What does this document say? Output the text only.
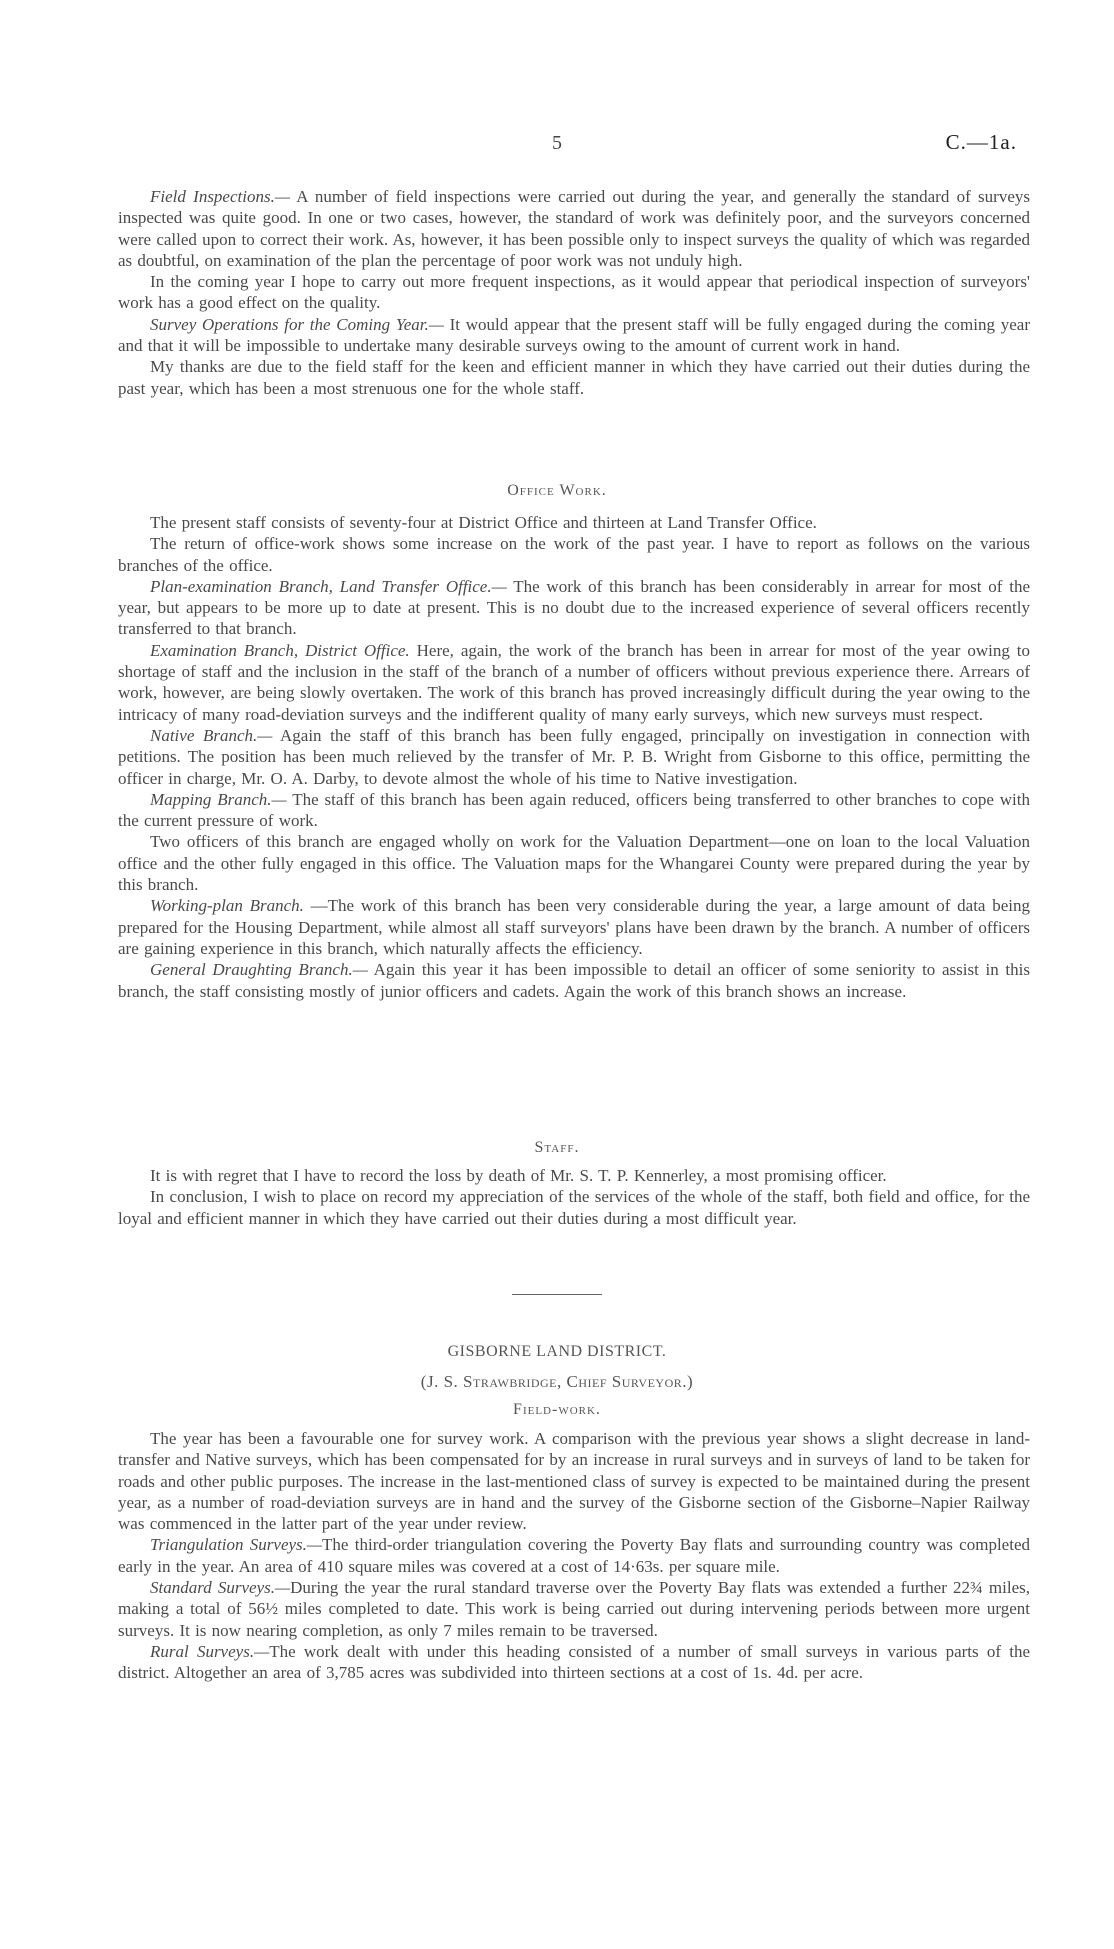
5	C.—1a.

Field Inspections.— A number of field inspections were carried out during the year, and generally the standard of surveys inspected was quite good. In one or two cases, however, the standard of work was definitely poor, and the surveyors concerned were called upon to correct their work. As, however, it has been possible only to inspect surveys the quality of which was regarded as doubtful, on examination of the plan the percentage of poor work was not unduly high.

In the coming year I hope to carry out more frequent inspections, as it would appear that periodical inspection of surveyors' work has a good effect on the quality.

Survey Operations for the Coming Year.— It would appear that the present staff will be fully engaged during the coming year and that it will be impossible to undertake many desirable surveys owing to the amount of current work in hand.

My thanks are due to the field staff for the keen and efficient manner in which they have carried out their duties during the past year, which has been a most strenuous one for the whole staff.

Office Work.

The present staff consists of seventy-four at District Office and thirteen at Land Transfer Office.

The return of office-work shows some increase on the work of the past year. I have to report as follows on the various branches of the office.

Plan-examination Branch, Land Transfer Office.— The work of this branch has been considerably in arrear for most of the year, but appears to be more up to date at present. This is no doubt due to the increased experience of several officers recently transferred to that branch.

Examination Branch, District Office. Here, again, the work of the branch has been in arrear for most of the year owing to shortage of staff and the inclusion in the staff of the branch of a number of officers without previous experience there. Arrears of work, however, are being slowly overtaken. The work of this branch has proved increasingly difficult during the year owing to the intricacy of many road-deviation surveys and the indifferent quality of many early surveys, which new surveys must respect.

Native Branch.— Again the staff of this branch has been fully engaged, principally on investigation in connection with petitions. The position has been much relieved by the transfer of Mr. P. B. Wright from Gisborne to this office, permitting the officer in charge, Mr. O. A. Darby, to devote almost the whole of his time to Native investigation.

Mapping Branch.— The staff of this branch has been again reduced, officers being transferred to other branches to cope with the current pressure of work.

Two officers of this branch are engaged wholly on work for the Valuation Department—one on loan to the local Valuation office and the other fully engaged in this office. The Valuation maps for the Whangarei County were prepared during the year by this branch.

Working-plan Branch. —The work of this branch has been very considerable during the year, a large amount of data being prepared for the Housing Department, while almost all staff surveyors' plans have been drawn by the branch. A number of officers are gaining experience in this branch, which naturally affects the efficiency.

General Draughting Branch.— Again this year it has been impossible to detail an officer of some seniority to assist in this branch, the staff consisting mostly of junior officers and cadets. Again the work of this branch shows an increase.

Staff.

It is with regret that I have to record the loss by death of Mr. S. T. P. Kennerley, a most promising officer.

In conclusion, I wish to place on record my appreciation of the services of the whole of the staff, both field and office, for the loyal and efficient manner in which they have carried out their duties during a most difficult year.

GISBORNE LAND DISTRICT.
(J. S. Strawbridge, Chief Surveyor.)
Field-work.

The year has been a favourable one for survey work. A comparison with the previous year shows a slight decrease in land-transfer and Native surveys, which has been compensated for by an increase in rural surveys and in surveys of land to be taken for roads and other public purposes. The increase in the last-mentioned class of survey is expected to be maintained during the present year, as a number of road-deviation surveys are in hand and the survey of the Gisborne section of the Gisborne–Napier Railway was commenced in the latter part of the year under review.

Triangulation Surveys.—The third-order triangulation covering the Poverty Bay flats and surrounding country was completed early in the year. An area of 410 square miles was covered at a cost of 14·63s. per square mile.

Standard Surveys.—During the year the rural standard traverse over the Poverty Bay flats was extended a further 22¾ miles, making a total of 56½ miles completed to date. This work is being carried out during intervening periods between more urgent surveys. It is now nearing completion, as only 7 miles remain to be traversed.

Rural Surveys.—The work dealt with under this heading consisted of a number of small surveys in various parts of the district. Altogether an area of 3,785 acres was subdivided into thirteen sections at a cost of 1s. 4d. per acre.
